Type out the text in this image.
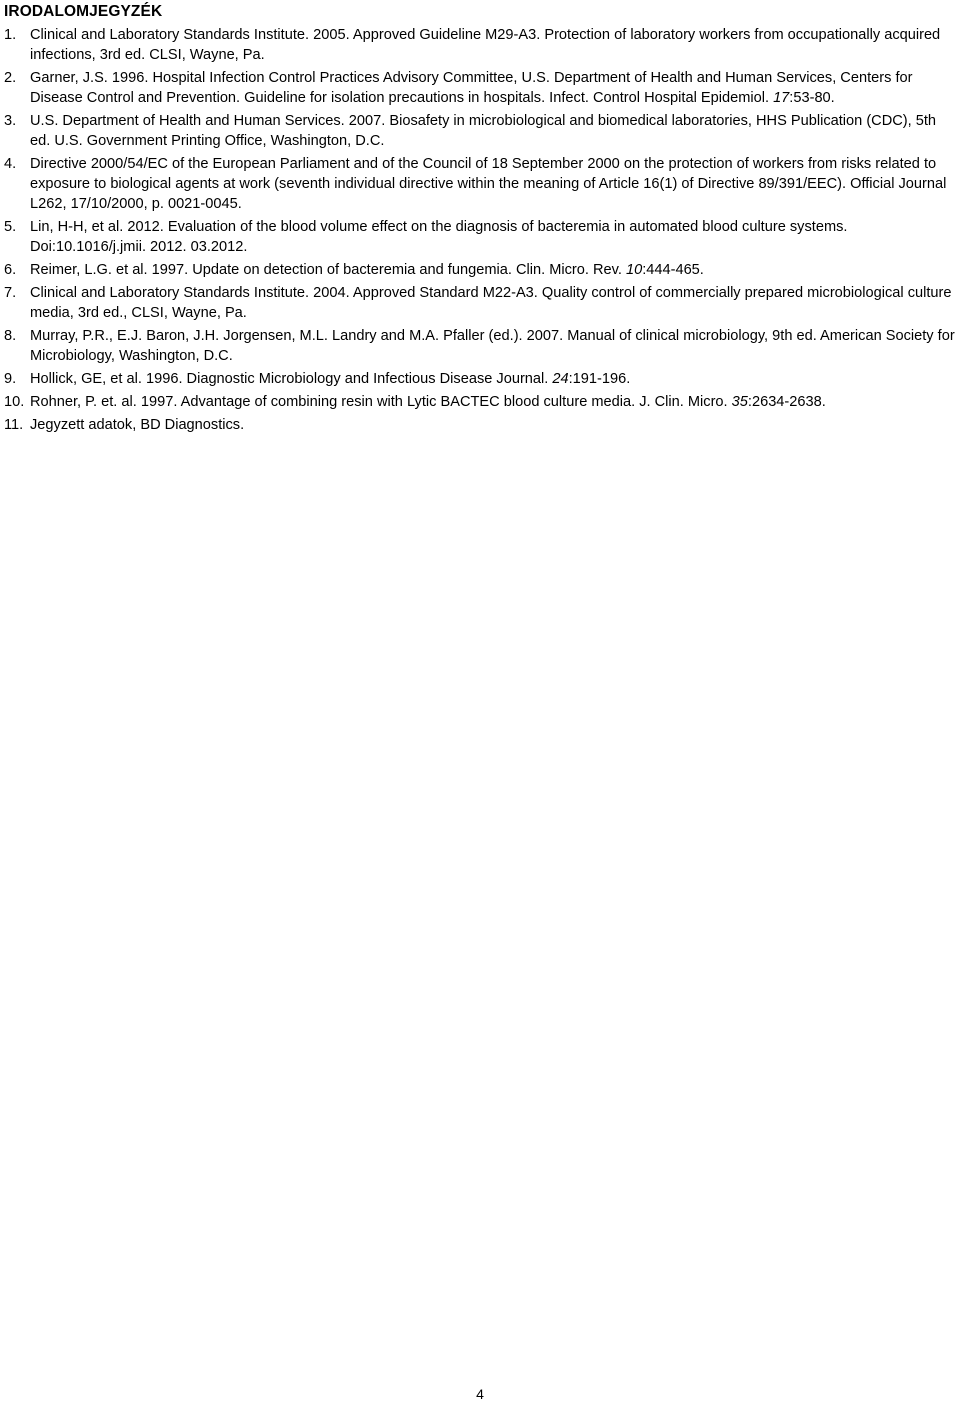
IRODALOMJEGYZÉK
1. Clinical and Laboratory Standards Institute. 2005. Approved Guideline M29-A3. Protection of laboratory workers from occupationally acquired infections, 3rd ed. CLSI, Wayne, Pa.
2. Garner, J.S. 1996. Hospital Infection Control Practices Advisory Committee, U.S. Department of Health and Human Services, Centers for Disease Control and Prevention. Guideline for isolation precautions in hospitals. Infect. Control Hospital Epidemiol. 17:53-80.
3. U.S. Department of Health and Human Services. 2007. Biosafety in microbiological and biomedical laboratories, HHS Publication (CDC), 5th ed. U.S. Government Printing Office, Washington, D.C.
4. Directive 2000/54/EC of the European Parliament and of the Council of 18 September 2000 on the protection of workers from risks related to exposure to biological agents at work (seventh individual directive within the meaning of Article 16(1) of Directive 89/391/EEC). Official Journal L262, 17/10/2000, p. 0021-0045.
5. Lin, H-H, et al. 2012. Evaluation of the blood volume effect on the diagnosis of bacteremia in automated blood culture systems. Doi:10.1016/j.jmii. 2012. 03.2012.
6. Reimer, L.G. et al. 1997. Update on detection of bacteremia and fungemia. Clin. Micro. Rev. 10:444-465.
7. Clinical and Laboratory Standards Institute. 2004. Approved Standard M22-A3. Quality control of commercially prepared microbiological culture media, 3rd ed., CLSI, Wayne, Pa.
8. Murray, P.R., E.J. Baron, J.H. Jorgensen, M.L. Landry and M.A. Pfaller (ed.). 2007. Manual of clinical microbiology, 9th ed. American Society for Microbiology, Washington, D.C.
9. Hollick, GE, et al. 1996. Diagnostic Microbiology and Infectious Disease Journal. 24:191-196.
10. Rohner, P. et. al. 1997. Advantage of combining resin with Lytic BACTEC blood culture media. J. Clin. Micro. 35:2634-2638.
11. Jegyzett adatok, BD Diagnostics.
4
